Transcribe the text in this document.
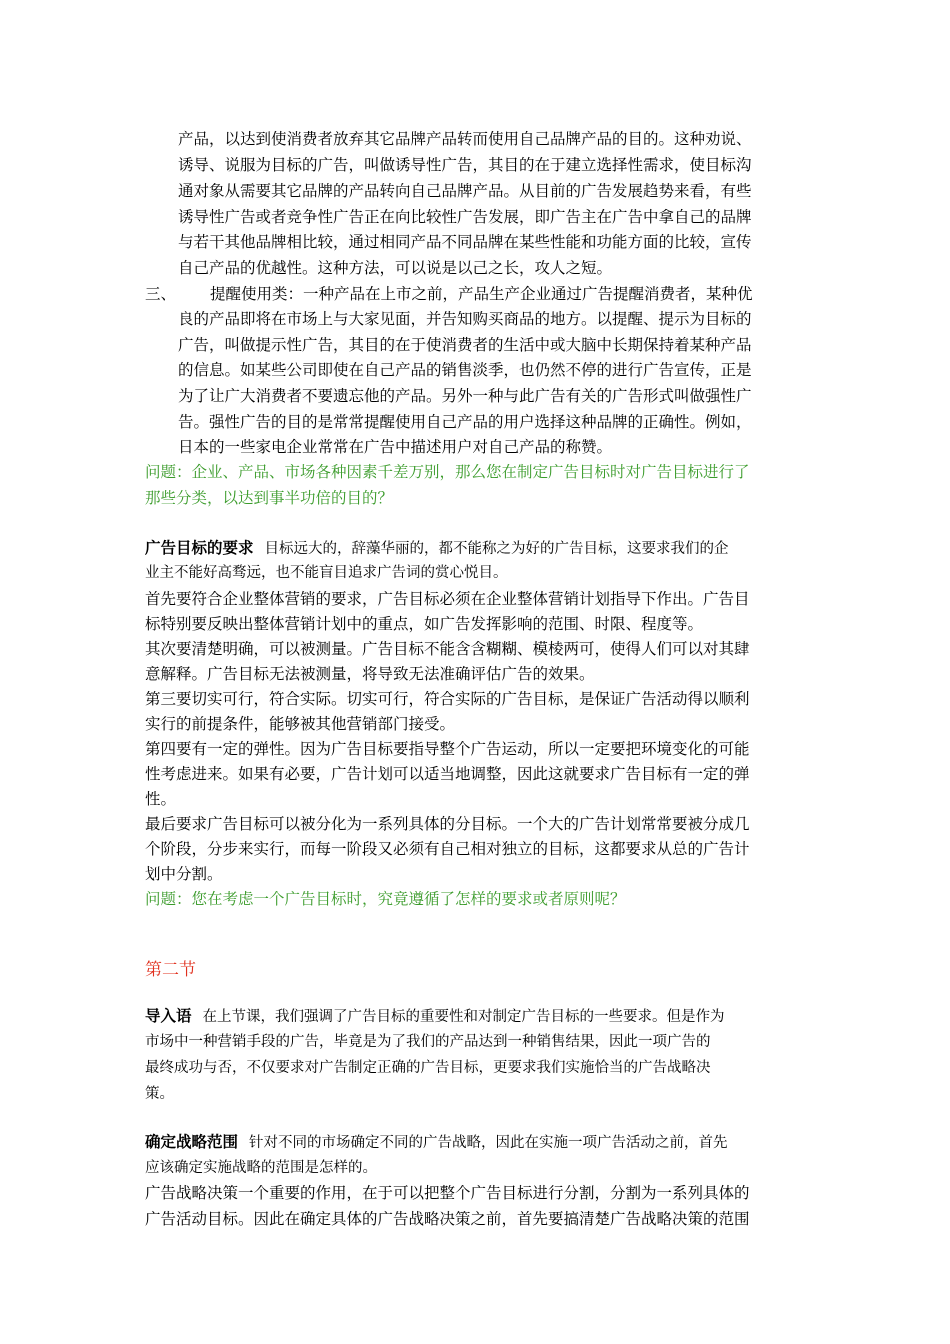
产品，以达到使消费者放弃其它品牌产品转而使用自己品牌产品的目的。这种劝说、
诱导、说服为目标的广告，叫做诱导性广告，其目的在于建立选择性需求，使目标沟
通对象从需要其它品牌的产品转向自己品牌产品。从目前的广告发展趋势来看，有些
诱导性广告或者竞争性广告正在向比较性广告发展，即广告主在广告中拿自己的品牌
与若干其他品牌相比较，通过相同产品不同品牌在某些性能和功能方面的比较，宣传
自己产品的优越性。这种方法，可以说是以己之长，攻人之短。
三、 提醒使用类：一种产品在上市之前，产品生产企业通过广告提醒消费者，某种优
良的产品即将在市场上与大家见面，并告知购买商品的地方。以提醒、提示为目标的
广告，叫做提示性广告，其目的在于使消费者的生活中或大脑中长期保持着某种产品
的信息。如某些公司即使在自己产品的销售淡季，也仍然不停的进行广告宣传，正是
为了让广大消费者不要遗忘他的产品。另外一种与此广告有关的广告形式叫做强性广
告。强性广告的目的是常常提醒使用自己产品的用户选择这种品牌的正确性。例如，
日本的一些家电企业常常在广告中描述用户对自己产品的称赞。
问题：企业、产品、市场各种因素千差万别，那么您在制定广告目标时对广告目标进行了
那些分类，以达到事半功倍的目的？
广告目标的要求 目标远大的，辞藻华丽的，都不能称之为好的广告目标，这要求我们的企
业主不能好高骛远，也不能盲目追求广告词的赏心悦目。
首先要符合企业整体营销的要求，广告目标必须在企业整体营销计划指导下作出。广告目
标特别要反映出整体营销计划中的重点，如广告发挥影响的范围、时限、程度等。
其次要清楚明确，可以被测量。广告目标不能含含糊糊、模棱两可，使得人们可以对其肆
意解释。广告目标无法被测量，将导致无法准确评估广告的效果。
第三要切实可行，符合实际。切实可行，符合实际的广告目标，是保证广告活动得以顺利
实行的前提条件，能够被其他营销部门接受。
第四要有一定的弹性。因为广告目标要指导整个广告运动，所以一定要把环境变化的可能
性考虑进来。如果有必要，广告计划可以适当地调整，因此这就要求广告目标有一定的弹
性。
最后要求广告目标可以被分化为一系列具体的分目标。一个大的广告计划常常要被分成几
个阶段，分步来实行，而每一阶段又必须有自己相对独立的目标，这都要求从总的广告计
划中分割。
问题：您在考虑一个广告目标时，究竟遵循了怎样的要求或者原则呢？
第二节
导入语 在上节课，我们强调了广告目标的重要性和对制定广告目标的一些要求。但是作为
市场中一种营销手段的广告，毕竟是为了我们的产品达到一种销售结果，因此一项广告的
最终成功与否，不仅要求对广告制定正确的广告目标，更要求我们实施恰当的广告战略决
策。
确定战略范围 针对不同的市场确定不同的广告战略，因此在实施一项广告活动之前，首先
应该确定实施战略的范围是怎样的。
广告战略决策一个重要的作用，在于可以把整个广告目标进行分割，分割为一系列具体的
广告活动目标。因此在确定具体的广告战略决策之前，首先要搞清楚广告战略决策的范围
